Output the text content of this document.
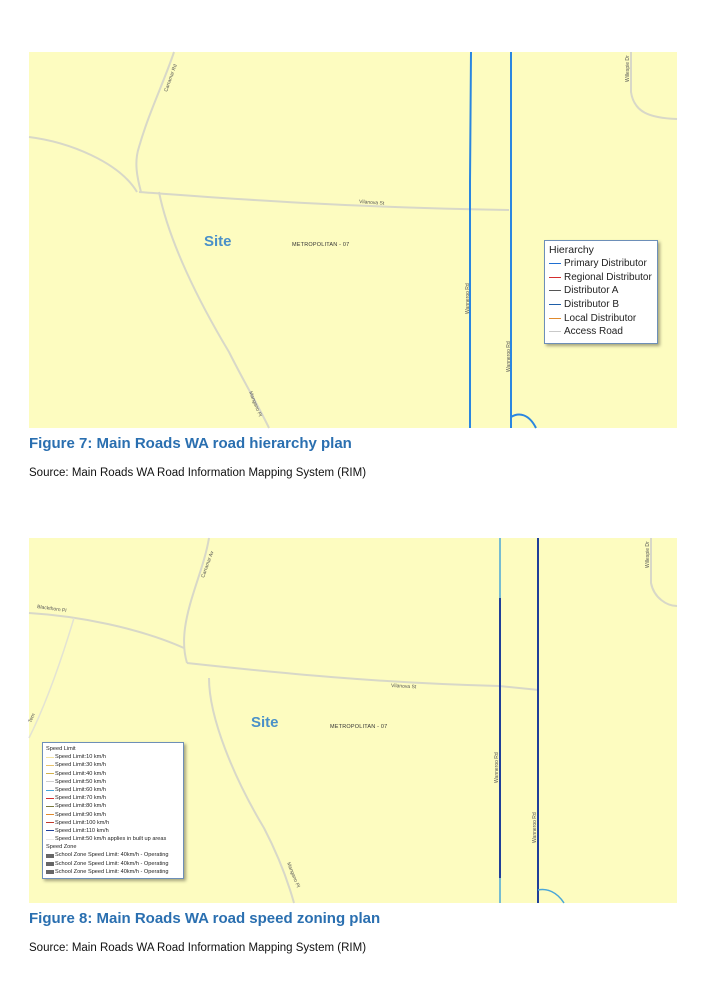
Carramar Rd
Vilanova St
Wanneroo Rd
Wanneroo Rd
Mangano Pl
Willespie Dr
Site	METROPOLITAN - 07	Hierarchy
Primary Distributor
Regional Distributor
Distributor A
Distributor B
Local Distributor
Access Road
Figure 7: Main Roads WA road hierarchy plan
Source: Main Roads WA Road Information Mapping System (RIM)
Carramar Av
Blackthorn Pl
Tern
Vilanova St
Wanneroo Rd
Wanneroo Rd
Mangano Pl
Willespie Dr
Site	METROPOLITAN - 07
Speed Limit
Speed Limit:10 km/h
Speed Limit:30 km/h
Speed Limit:40 km/h
Speed Limit:50 km/h
Speed Limit:60 km/h
Speed Limit:70 km/h
Speed Limit:80 km/h
Speed Limit:90 km/h
Speed Limit:100 km/h
Speed Limit:110 km/h
Speed Limit:50 km/h applies in built up areas
Speed Zone
School Zone Speed Limit: 40km/h - Operating
School Zone Speed Limit: 40km/h - Operating
School Zone Speed Limit: 40km/h - Operating
Figure 8: Main Roads WA road speed zoning plan
Source: Main Roads WA Road Information Mapping System (RIM)
